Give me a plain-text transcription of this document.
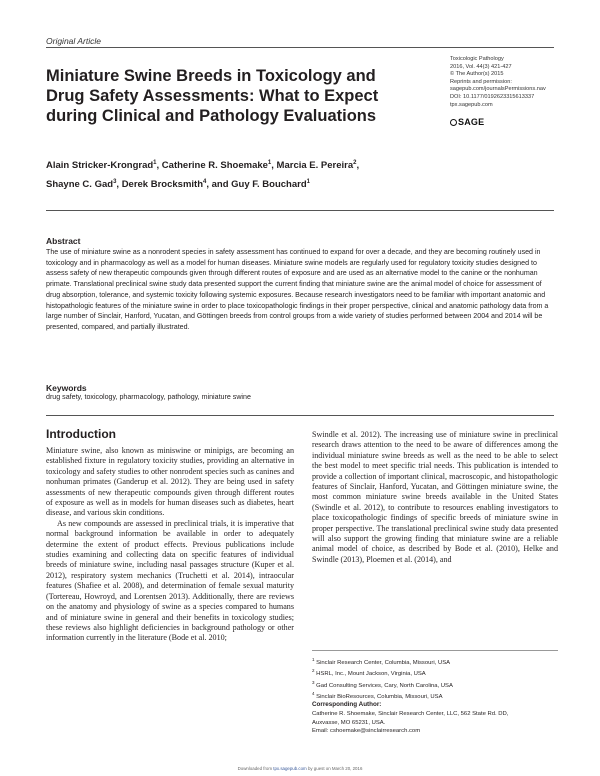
Original Article
Miniature Swine Breeds in Toxicology and Drug Safety Assessments: What to Expect during Clinical and Pathology Evaluations
Toxicologic Pathology
2016, Vol. 44(3) 421-427
© The Author(s) 2015
Reprints and permission:
sagepub.com/journalsPermissions.nav
DOI: 10.1177/0192623315613337
tpx.sagepub.com
SAGE
Alain Stricker-Krongrad$^1$, Catherine R. Shoemake$^1$, Marcia E. Pereira$^2$,
Shayne C. Gad$^3$, Derek Brocksmith$^4$, and Guy F. Bouchard$^1$
Abstract
The use of miniature swine as a nonrodent species in safety assessment has continued to expand for over a decade, and they are becoming routinely used in toxicology and in pharmacology as well as a model for human diseases. Miniature swine models are regularly used for regulatory toxicity studies designed to assess safety of new therapeutic compounds given through different routes of exposure and are used as an alternative model to the canine or the nonhuman primate. Translational preclinical swine study data presented support the current finding that miniature swine are the animal model of choice for assessment of drug absorption, tolerance, and systemic toxicity following systemic exposures. Because research investigators need to be familiar with important anatomic and histopathologic features of the miniature swine in order to place toxicopathologic findings in their proper perspective, clinical and anatomic pathology data from a large number of Sinclair, Hanford, Yucatan, and Göttingen breeds from control groups from a wide variety of studies performed between 2004 and 2014 will be presented, compared, and partially illustrated.
Keywords
drug safety, toxicology, pharmacology, pathology, miniature swine
Introduction

Miniature swine, also known as miniswine or minipigs, are becoming an established fixture in regulatory toxicity studies, providing an alternative in toxicology and safety studies to other nonrodent species such as canines and nonhuman primates (Ganderup et al. 2012). They are being used in safety assessments of new therapeutic compounds given through different routes of exposure as well as in models for human diseases such as diabetes, heart disease, and various skin conditions.

As new compounds are assessed in preclinical trials, it is imperative that normal background information be available in order to adequately determine the extent of product effects. Previous publications include studies examining and collecting data on specific features of individual breeds of miniature swine, including nasal passages structure (Kuper et al. 2012), respiratory system mechanics (Truchetti et al. 2014), intraocular features (Shafiee et al. 2008), and determination of female sexual maturity (Tortereau, Howroyd, and Lorentsen 2013). Additionally, there are reviews on the anatomy and physiology of swine as a species compared to humans and of miniature swine in general and their benefits in toxicology studies; these reviews also highlight deficiencies in background pathology or other information currently in the literature (Bode et al. 2010;

Swindle et al. 2012). The increasing use of miniature swine in preclinical research draws attention to the need to be aware of differences among the individual miniature swine breeds as well as the need to be able to select the best model to meet specific trial needs. This publication is intended to provide a collection of important clinical, macroscopic, and histopathologic features of Sinclair, Hanford, Yucatan, and Göttingen miniature swine, the most common miniature swine breeds available in the United States (Swindle et al. 2012), to contribute to resources enabling investigators to place toxicopathologic findings of specific breeds of miniature swine in proper perspective. The translational preclinical swine study data presented will also support the growing finding that miniature swine are a reliable animal model of choice, as described by Bode et al. (2010), Helke and Swindle (2013), Ploemen et al. (2014), and

$^1$ Sinclair Research Center, Columbia, Missouri, USA
$^2$ HSRL, Inc., Mount Jackson, Virginia, USA
$^3$ Gad Consulting Services, Cary, North Carolina, USA
$^4$ Sinclair BioResources, Columbia, Missouri, USA
Corresponding Author:
Catherine R. Shoemake, Sinclair Research Center, LLC, 562 State Rd. DD,
Auxvasse, MO 65231, USA.
Email: cshoemake@sinclairresearch.com
Downloaded from tpx.sagepub.com by guest on March 20, 2016
